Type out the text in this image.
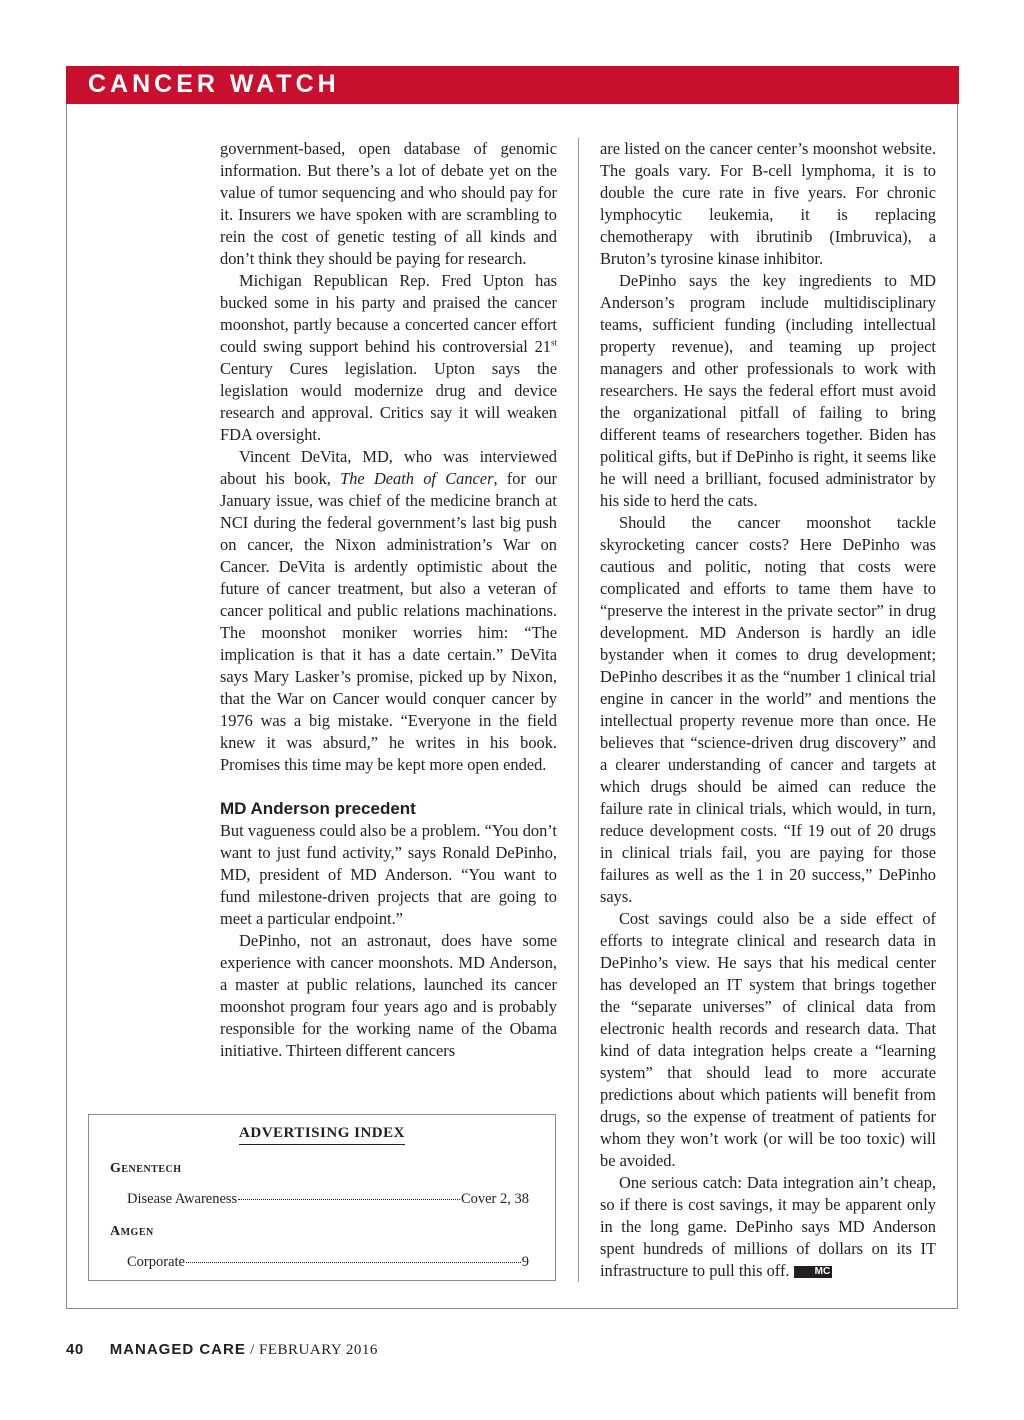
CANCER WATCH

government-based, open database of genomic information. But there’s a lot of debate yet on the value of tumor sequencing and who should pay for it. Insurers we have spoken with are scrambling to rein the cost of genetic testing of all kinds and don’t think they should be paying for research.

Michigan Republican Rep. Fred Upton has bucked some in his party and praised the cancer moonshot, partly because a concerted cancer effort could swing support behind his controversial 21st Century Cures legislation. Upton says the legislation would modernize drug and device research and approval. Critics say it will weaken FDA oversight.

Vincent DeVita, MD, who was interviewed about his book, The Death of Cancer, for our January issue, was chief of the medicine branch at NCI during the federal government’s last big push on cancer, the Nixon administration’s War on Cancer. DeVita is ardently optimistic about the future of cancer treatment, but also a veteran of cancer political and public relations machinations. The moonshot moniker worries him: “The implication is that it has a date certain.” DeVita says Mary Lasker’s promise, picked up by Nixon, that the War on Cancer would conquer cancer by 1976 was a big mistake. “Everyone in the field knew it was absurd,” he writes in his book. Promises this time may be kept more open ended.

MD Anderson precedent

But vagueness could also be a problem. “You don’t want to just fund activity,” says Ronald DePinho, MD, president of MD Anderson. “You want to fund milestone-driven projects that are going to meet a particular endpoint.”

DePinho, not an astronaut, does have some experience with cancer moonshots. MD Anderson, a master at public relations, launched its cancer moonshot program four years ago and is probably responsible for the working name of the Obama initiative. Thirteen different cancers

are listed on the cancer center’s moonshot website. The goals vary. For B-cell lymphoma, it is to double the cure rate in five years. For chronic lymphocytic leukemia, it is replacing chemotherapy with ibrutinib (Imbruvica), a Bruton’s tyrosine kinase inhibitor.

DePinho says the key ingredients to MD Anderson’s program include multidisciplinary teams, sufficient funding (including intellectual property revenue), and teaming up project managers and other professionals to work with researchers. He says the federal effort must avoid the organizational pitfall of failing to bring different teams of researchers together. Biden has political gifts, but if DePinho is right, it seems like he will need a brilliant, focused administrator by his side to herd the cats.

Should the cancer moonshot tackle skyrocketing cancer costs? Here DePinho was cautious and politic, noting that costs were complicated and efforts to tame them have to “preserve the interest in the private sector” in drug development. MD Anderson is hardly an idle bystander when it comes to drug development; DePinho describes it as the “number 1 clinical trial engine in cancer in the world” and mentions the intellectual property revenue more than once. He believes that “science-driven drug discovery” and a clearer understanding of cancer and targets at which drugs should be aimed can reduce the failure rate in clinical trials, which would, in turn, reduce development costs. “If 19 out of 20 drugs in clinical trials fail, you are paying for those failures as well as the 1 in 20 success,” DePinho says.

Cost savings could also be a side effect of efforts to integrate clinical and research data in DePinho’s view. He says that his medical center has developed an IT system that brings together the “separate universes” of clinical data from electronic health records and research data. That kind of data integration helps create a “learning system” that should lead to more accurate predictions about which patients will benefit from drugs, so the expense of treatment of patients for whom they won’t work (or will be too toxic) will be avoided.

One serious catch: Data integration ain’t cheap, so if there is cost savings, it may be apparent only in the long game. DePinho says MD Anderson spent hundreds of millions of dollars on its IT infrastructure to pull this off.	MC

ADVERTISING INDEX
Genentech
Disease Awareness	Cover 2, 38
Amgen
Corporate	9
40 MANAGED CARE / FEBRUARY 2016
